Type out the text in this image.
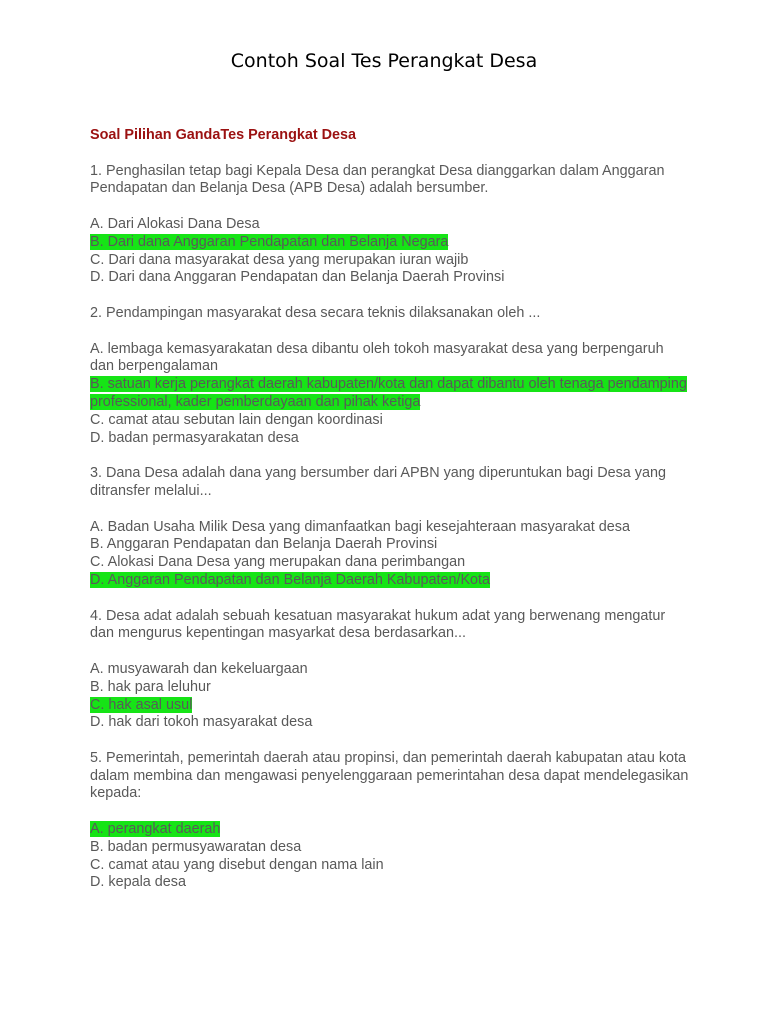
Contoh Soal Tes Perangkat Desa
Soal Pilihan GandaTes Perangkat Desa
1. Penghasilan tetap bagi Kepala Desa dan perangkat Desa dianggarkan dalam Anggaran Pendapatan dan Belanja Desa (APB Desa) adalah bersumber.
A. Dari Alokasi Dana Desa
B. Dari dana Anggaran Pendapatan dan Belanja Negara
C. Dari dana masyarakat desa yang merupakan iuran wajib
D. Dari dana Anggaran Pendapatan dan Belanja Daerah Provinsi
2. Pendampingan masyarakat desa secara teknis dilaksanakan oleh ...
A. lembaga kemasyarakatan desa dibantu oleh tokoh masyarakat desa yang berpengaruh dan berpengalaman
B. satuan kerja perangkat daerah kabupaten/kota dan dapat dibantu oleh tenaga pendamping professional, kader pemberdayaan dan pihak ketiga
C. camat atau sebutan lain dengan koordinasi
D. badan permasyarakatan desa
3. Dana Desa adalah dana yang bersumber dari APBN yang diperuntukan bagi Desa yang ditransfer melalui...
A. Badan Usaha Milik Desa yang dimanfaatkan bagi kesejahteraan masyarakat desa
B. Anggaran Pendapatan dan Belanja Daerah Provinsi
C. Alokasi Dana Desa yang merupakan dana perimbangan
D. Anggaran Pendapatan dan Belanja Daerah Kabupaten/Kota
4. Desa adat adalah sebuah kesatuan masyarakat hukum adat yang berwenang mengatur dan mengurus kepentingan masyarkat desa berdasarkan...
A. musyawarah dan kekeluargaan
B. hak para leluhur
C. hak asal usul
D. hak dari tokoh masyarakat desa
5. Pemerintah, pemerintah daerah atau propinsi, dan pemerintah daerah kabupatan atau kota dalam membina dan mengawasi penyelenggaraan pemerintahan desa dapat mendelegasikan kepada:
A. perangkat daerah
B. badan permusyawaratan desa
C. camat atau yang disebut dengan nama lain
D. kepala desa
